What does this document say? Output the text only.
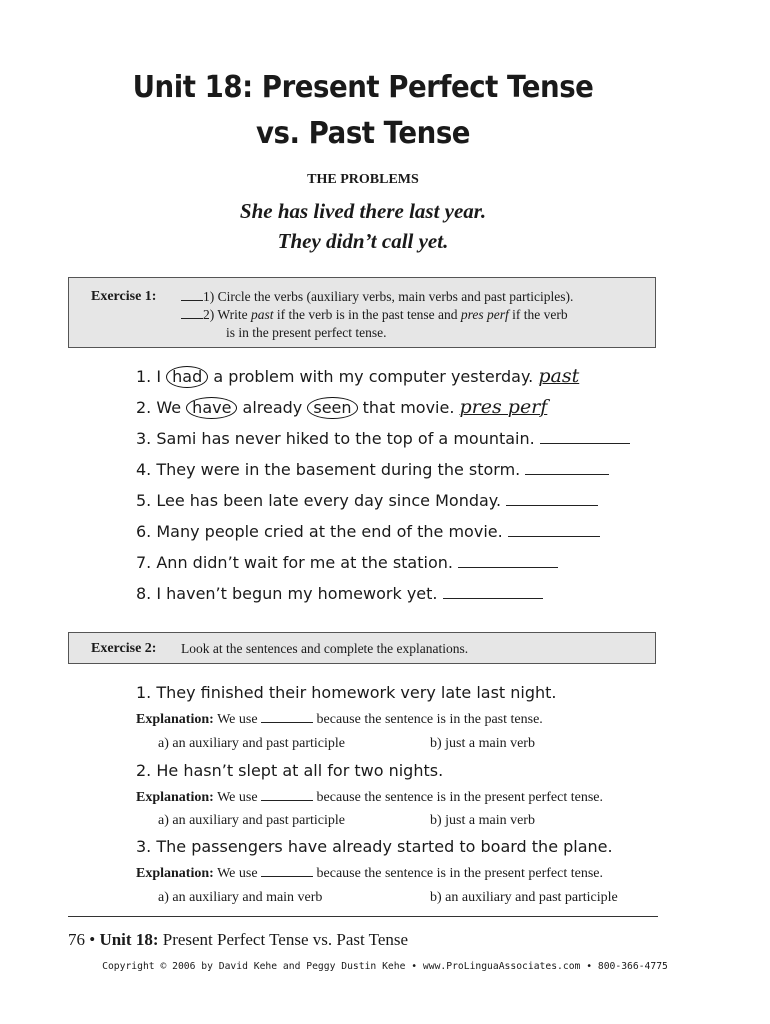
Unit 18: Present Perfect Tense
vs. Past Tense
THE PROBLEMS
She has lived there last year.
They didn’t call yet.
Exercise 1:	1) Circle the verbs (auxiliary verbs, main verbs and past participles).
2) Write past if the verb is in the past tense and pres perf if the verb
is in the present perfect tense.
1. I had a problem with my computer yesterday. past
2. We have already seen that movie. pres perf
3. Sami has never hiked to the top of a mountain.
4. They were in the basement during the storm.
5. Lee has been late every day since Monday.
6. Many people cried at the end of the movie.
7. Ann didn’t wait for me at the station.
8. I haven’t begun my homework yet.
Exercise 2: Look at the sentences and complete the explanations.
1. They finished their homework very late last night.
Explanation: We use	because the sentence is in the past tense.
a) an auxiliary and past participle	b) just a main verb
2. He hasn’t slept at all for two nights.
Explanation: We use	because the sentence is in the present perfect tense.
a) an auxiliary and past participle	b) just a main verb
3. The passengers have already started to board the plane.
Explanation: We use	because the sentence is in the present perfect tense.
a) an auxiliary and main verb	b) an auxiliary and past participle
76 • Unit 18: Present Perfect Tense vs. Past Tense
Copyright © 2006 by David Kehe and Peggy Dustin Kehe • www.ProLinguaAssociates.com • 800-366-4775
